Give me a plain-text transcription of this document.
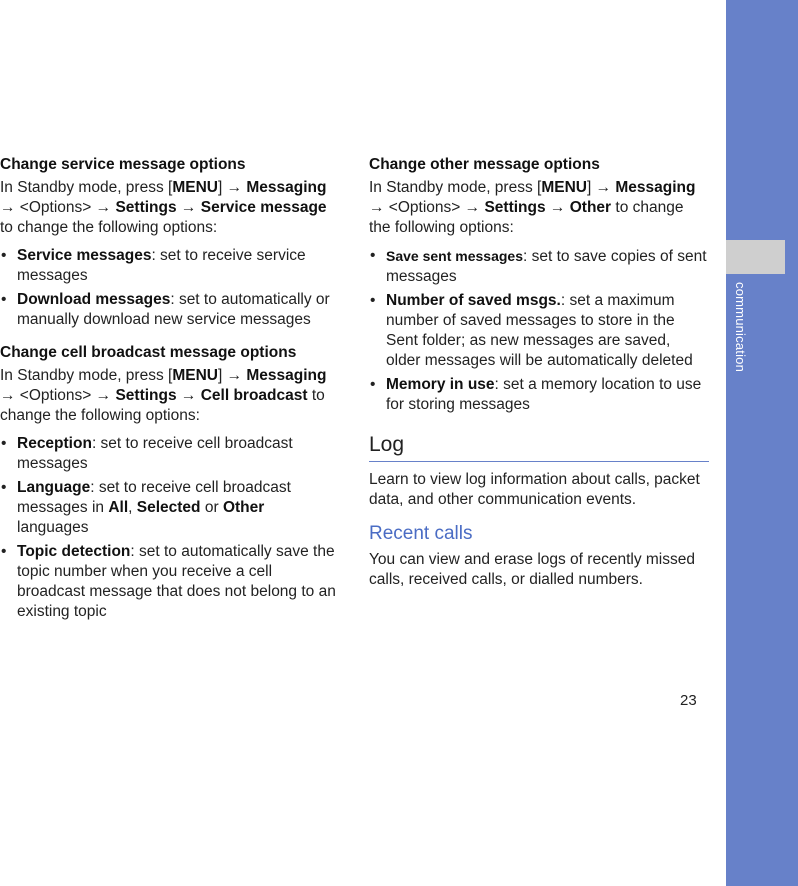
communication
Change service message options

In Standby mode, press [MENU] → Messaging → <Options> → Settings → Service message to change the following options:

• Service messages: set to receive service messages
• Download messages: set to automatically or manually download new service messages
Change cell broadcast message options

In Standby mode, press [MENU] → Messaging → <Options> → Settings → Cell broadcast to change the following options:

• Reception: set to receive cell broadcast messages
• Language: set to receive cell broadcast messages in All, Selected or Other languages
• Topic detection: set to automatically save the topic number when you receive a cell broadcast message that does not belong to an existing topic
Change other message options

In Standby mode, press [MENU] → Messaging → <Options> → Settings → Other to change the following options:

• Save sent messages: set to save copies of sent messages
• Number of saved msgs.: set a maximum number of saved messages to store in the Sent folder; as new messages are saved, older messages will be automatically deleted
• Memory in use: set a memory location to use for storing messages
Log

Learn to view log information about calls, packet data, and other communication events.

Recent calls

You can view and erase logs of recently missed calls, received calls, or dialled numbers.

23
